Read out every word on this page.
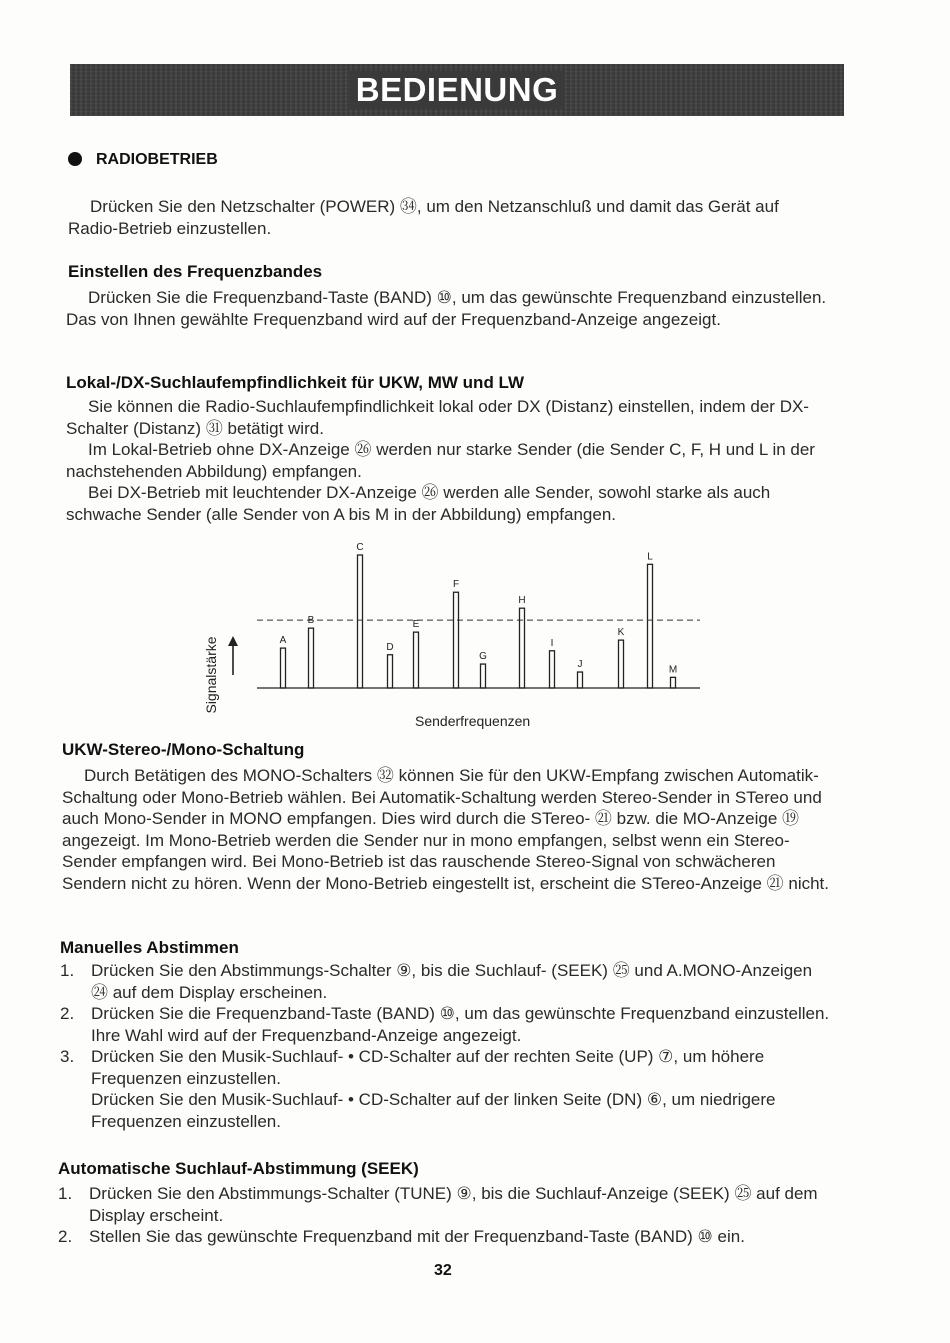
BEDIENUNG
RADIOBETRIEB
Drücken Sie den Netzschalter (POWER) ㉞, um den Netzanschluß und damit das Gerät auf Radio-Betrieb einzustellen.
Einstellen des Frequenzbandes
Drücken Sie die Frequenzband-Taste (BAND) ⑩, um das gewünschte Frequenzband einzustellen. Das von Ihnen gewählte Frequenzband wird auf der Frequenzband-Anzeige angezeigt.
Lokal-/DX-Suchlaufempfindlichkeit für UKW, MW und LW

Sie können die Radio-Suchlaufempfindlichkeit lokal oder DX (Distanz) einstellen, indem der DX-Schalter (Distanz) ㉛ betätigt wird.

Im Lokal-Betrieb ohne DX-Anzeige ㉖ werden nur starke Sender (die Sender C, F, H und L in der nachstehenden Abbildung) empfangen.

Bei DX-Betrieb mit leuchtender DX-Anzeige ㉖ werden alle Sender, sowohl starke als auch schwache Sender (alle Sender von A bis M in der Abbildung) empfangen.

A
B
C
D
E
F
G
H
I
J
K
L
M
Signalstärke
Senderfrequenzen
UKW-Stereo-/Mono-Schaltung
Durch Betätigen des MONO-Schalters ㉜ können Sie für den UKW-Empfang zwischen Automatik-Schaltung oder Mono-Betrieb wählen. Bei Automatik-Schaltung werden Stereo-Sender in STereo und auch Mono-Sender in MONO empfangen. Dies wird durch die STereo- ㉑ bzw. die MO-Anzeige ⑲ angezeigt. Im Mono-Betrieb werden die Sender nur in mono empfangen, selbst wenn ein Stereo-Sender empfangen wird. Bei Mono-Betrieb ist das rauschende Stereo-Signal von schwächeren Sendern nicht zu hören. Wenn der Mono-Betrieb eingestellt ist, erscheint die STereo-Anzeige ㉑ nicht.
Manuelles Abstimmen
1. Drücken Sie den Abstimmungs-Schalter ⑨, bis die Suchlauf- (SEEK) ㉕ und A.MONO-Anzeigen ㉔ auf dem Display erscheinen.
2. Drücken Sie die Frequenzband-Taste (BAND) ⑩, um das gewünschte Frequenzband einzustellen. Ihre Wahl wird auf der Frequenzband-Anzeige angezeigt.
3. Drücken Sie den Musik-Suchlauf- • CD-Schalter auf der rechten Seite (UP) ⑦, um höhere Frequenzen einzustellen.
Drücken Sie den Musik-Suchlauf- • CD-Schalter auf der linken Seite (DN) ⑥, um niedrigere Frequenzen einzustellen.
Automatische Suchlauf-Abstimmung (SEEK)
1. Drücken Sie den Abstimmungs-Schalter (TUNE) ⑨, bis die Suchlauf-Anzeige (SEEK) ㉕ auf dem Display erscheint.
2. Stellen Sie das gewünschte Frequenzband mit der Frequenzband-Taste (BAND) ⑩ ein.
32
